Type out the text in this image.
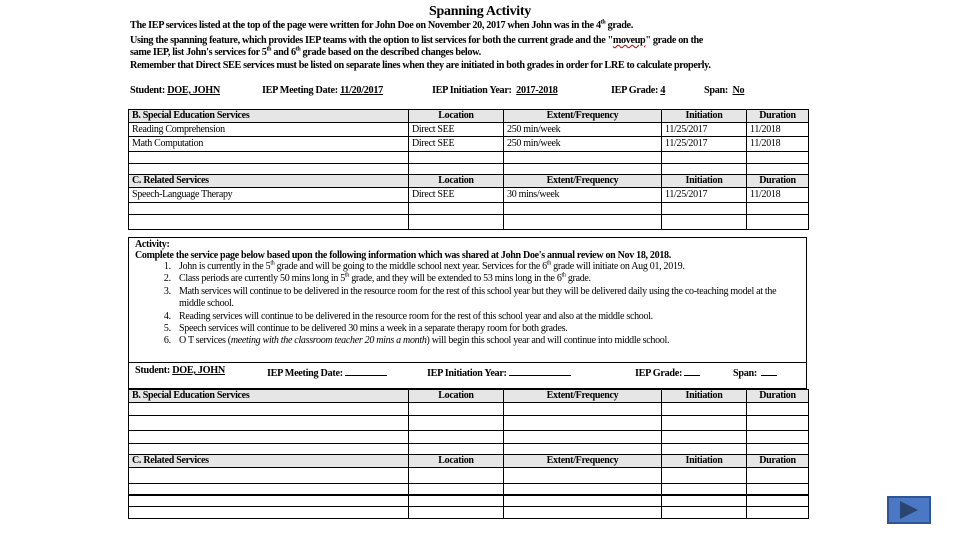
Spanning Activity
The IEP services listed at the top of the page were written for John Doe on November 20, 2017 when John was in the 4th grade.
Using the spanning feature, which provides IEP teams with the option to list services for both the current grade and the "moveup" grade on the
same IEP, list John's services for 5th and 6th grade based on the described changes below.
Remember that Direct SEE services must be listed on separate lines when they are initiated in both grades in order for LRE to calculate properly.
Student: DOE, JOHN	IEP Meeting Date: 11/20/2017	IEP Initiation Year: 2017-2018	IEP Grade: 4	Span: No
B. Special Education Services	Location	Extent/Frequency	Initiation	Duration
Reading Comprehension	Direct SEE	250 min/week	11/25/2017	11/2018
Math Computation	Direct SEE	250 min/week	11/25/2017	11/2018

C. Related Services	Location	Extent/Frequency	Initiation	Duration
Speech-Language Therapy	Direct SEE	30 mins/week	11/25/2017	11/2018

Activity:
Complete the service page below based upon the following information which was shared at John Doe's annual review on Nov 18, 2018.
1. John is currently in the 5th grade and will be going to the middle school next year. Services for the 6th grade will initiate on Aug 01, 2019.
2. Class periods are currently 50 mins long in 5th grade, and they will be extended to 53 mins long in the 6th grade.
3. Math services will continue to be delivered in the resource room for the rest of this school year but they will be delivered daily using the co-teaching model at the middle school.
4. Reading services will continue to be delivered in the resource room for the rest of this school year and also at the middle school.
5. Speech services will continue to be delivered 30 mins a week in a separate therapy room for both grades.
6. O T services (meeting with the classroom teacher 20 mins a month) will begin this school year and will continue into middle school.
Student: DOE, JOHN	IEP Meeting Date:	IEP Initiation Year:	IEP Grade:	Span:
B. Special Education Services	Location	Extent/Frequency	Initiation	Duration

C. Related Services	Location	Extent/Frequency	Initiation	Duration
